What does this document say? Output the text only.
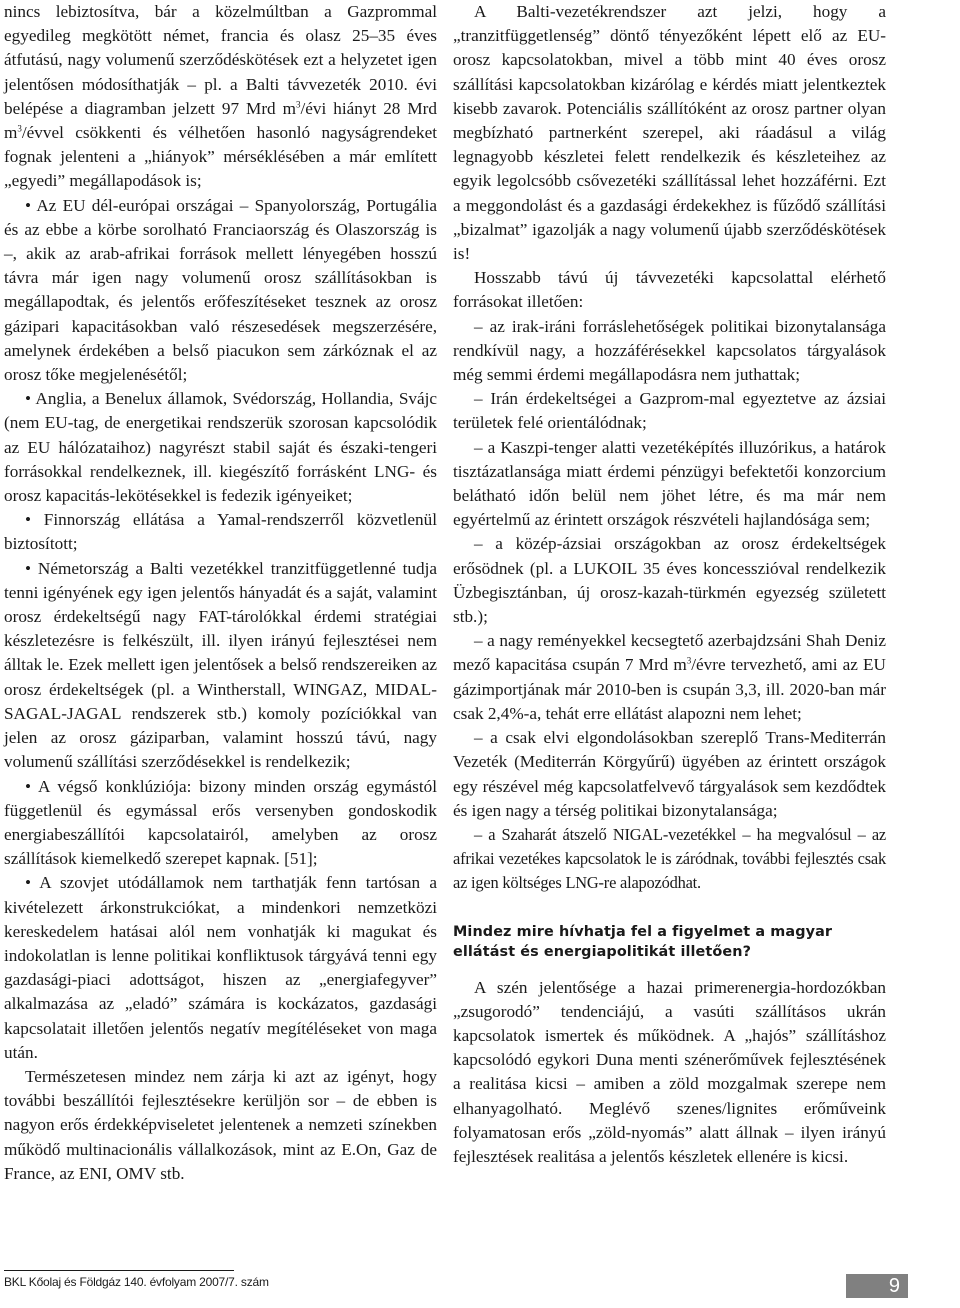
nincs lebiztosítva, bár a közelmúltban a Gazprommal egyedileg megkötött német, francia és olasz 25–35 éves átfutású, nagy volumenű szerződéskötések ezt a helyzetet igen jelentősen módosíthatják – pl. a Balti távvezeték 2010. évi belépése a diagramban jelzett 97 Mrd $m^3$/évi hiányt 28 Mrd $m^3$/évvel csökkenti és vélhetően hasonló nagyságrendeket fognak jelenteni a „hiányok” mérséklésében a már említett „egyedi” megállapodások is;

• Az EU dél-európai országai – Spanyolország, Portugália és az ebbe a körbe sorolható Franciaország és Olaszország is –, akik az arab-afrikai források mellett lényegében hosszú távra már igen nagy volumenű orosz szállításokban is megállapodtak, és jelentős erőfeszítéseket tesznek az orosz gázipari kapacitásokban való részesedések megszerzésére, amelynek érdekében a belső piacukon sem zárkóznak el az orosz tőke megjelenésétől;

• Anglia, a Benelux államok, Svédország, Hollandia, Svájc (nem EU-tag, de energetikai rendszerük szorosan kapcsolódik az EU hálózataihoz) nagyrészt stabil saját és északi-tengeri forrásokkal rendelkeznek, ill. kiegészítő forrásként LNG- és orosz kapacitás-lekötésekkel is fedezik igényeiket;

• Finnország ellátása a Yamal-rendszerről közvetlenül biztosított;

• Németország a Balti vezetékkel tranzitfüggetlenné tudja tenni igényének egy igen jelentős hányadát és a saját, valamint orosz érdekeltségű nagy FAT-tárolókkal érdemi stratégiai készletezésre is felkészült, ill. ilyen irányú fejlesztései nem álltak le. Ezek mellett igen jelentősek a belső rendszereiken az orosz érdekeltségek (pl. a Wintherstall, WINGAZ, MIDAL-SAGAL-JAGAL rendszerek stb.) komoly pozíciókkal van jelen az orosz gáziparban, valamint hosszú távú, nagy volumenű szállítási szerződésekkel is rendelkezik;

• A végső konklúziója: bizony minden ország egymástól függetlenül és egymással erős versenyben gondoskodik energiabeszállítói kapcsolatairól, amelyben az orosz szállítások kiemelkedő szerepet kapnak. [51];

• A szovjet utódállamok nem tarthatják fenn tartósan a kivételezett árkonstrukciókat, a mindenkori nemzetközi kereskedelem hatásai alól nem vonhatják ki magukat és indokolatlan is lenne politikai konfliktusok tárgyává tenni egy gazdasági-piaci adottságot, hiszen az „energiafegyver” alkalmazása az „eladó” számára is kockázatos, gazdasági kapcsolatait illetően jelentős negatív megítéléseket von maga után.

Természetesen mindez nem zárja ki azt az igényt, hogy további beszállítói fejlesztésekre kerüljön sor – de ebben is nagyon erős érdekképviseletet jelentenek a nemzeti színekben működő multinacionális vállalkozások, mint az E.On, Gaz de France, az ENI, OMV stb.

A Balti-vezetékrendszer azt jelzi, hogy a „tranzitfüggetlenség” döntő tényezőként lépett elő az EU-orosz kapcsolatokban, mivel a több mint 40 éves orosz szállítási kapcsolatokban kizárólag e kérdés miatt jelentkeztek kisebb zavarok. Potenciális szállítóként az orosz partner olyan megbízható partnerként szerepel, aki ráadásul a világ legnagyobb készletei felett rendelkezik és készleteihez az egyik legolcsóbb csővezetéki szállítással lehet hozzáférni. Ezt a meggondolást és a gazdasági érdekekhez is fűződő szállítási „bizalmat” igazolják a nagy volumenű újabb szerződéskötések is!

Hosszabb távú új távvezetéki kapcsolattal elérhető forrásokat illetően:

– az irak-iráni forráslehetőségek politikai bizonytalansága rendkívül nagy, a hozzáférésekkel kapcsolatos tárgyalások még semmi érdemi megállapodásra nem juthattak;

– Irán érdekeltségei a Gazprom-mal egyeztetve az ázsiai területek felé orientálódnak;

– a Kaszpi-tenger alatti vezetéképítés illuzórikus, a határok tisztázatlansága miatt érdemi pénzügyi befektetői konzorcium belátható időn belül nem jöhet létre, és ma már nem egyértelmű az érintett országok részvételi hajlandósága sem;

– a közép-ázsiai országokban az orosz érdekeltségek erősödnek (pl. a LUKOIL 35 éves koncesszióval rendelkezik Üzbegisztánban, új orosz-kazah-türkmén egyezség született stb.);

– a nagy reményekkel kecsegtető azerbajdzsáni Shah Deniz mező kapacitása csupán 7 Mrd $m^3$/évre tervezhető, ami az EU gázimportjának már 2010-ben is csupán 3,3, ill. 2020-ban már csak 2,4%-a, tehát erre ellátást alapozni nem lehet;

– a csak elvi elgondolásokban szereplő Trans-Mediterrán Vezeték (Mediterrán Körgyűrű) ügyében az érintett országok egy részével még kapcsolatfelvevő tárgyalások sem kezdődtek és igen nagy a térség politikai bizonytalansága;

– a Szaharát átszelő NIGAL-vezetékkel – ha megvalósul – az afrikai vezetékes kapcsolatok le is záródnak, további fejlesztés csak az igen költséges LNG-re alapozódhat.

Mindez mire hívhatja fel a figyelmet a magyar ellátást és energiapolitikát illetően?

A szén jelentősége a hazai primerenergia-hordozókban „zsugorodó” tendenciájú, a vasúti szállításos ukrán kapcsolatok ismertek és működnek. A „hajós” szállításhoz kapcsolódó egykori Duna menti szénerőművek fejlesztésének a realitása kicsi – amiben a zöld mozgalmak szerepe nem elhanyagolható. Meglévő szenes/lignites erőműveink folyamatosan erős „zöld-nyomás” alatt állnak – ilyen irányú fejlesztések realitása a jelentős készletek ellenére is kicsi.

BKL Kőolaj és Földgáz 140. évfolyam 2007/7. szám	9
